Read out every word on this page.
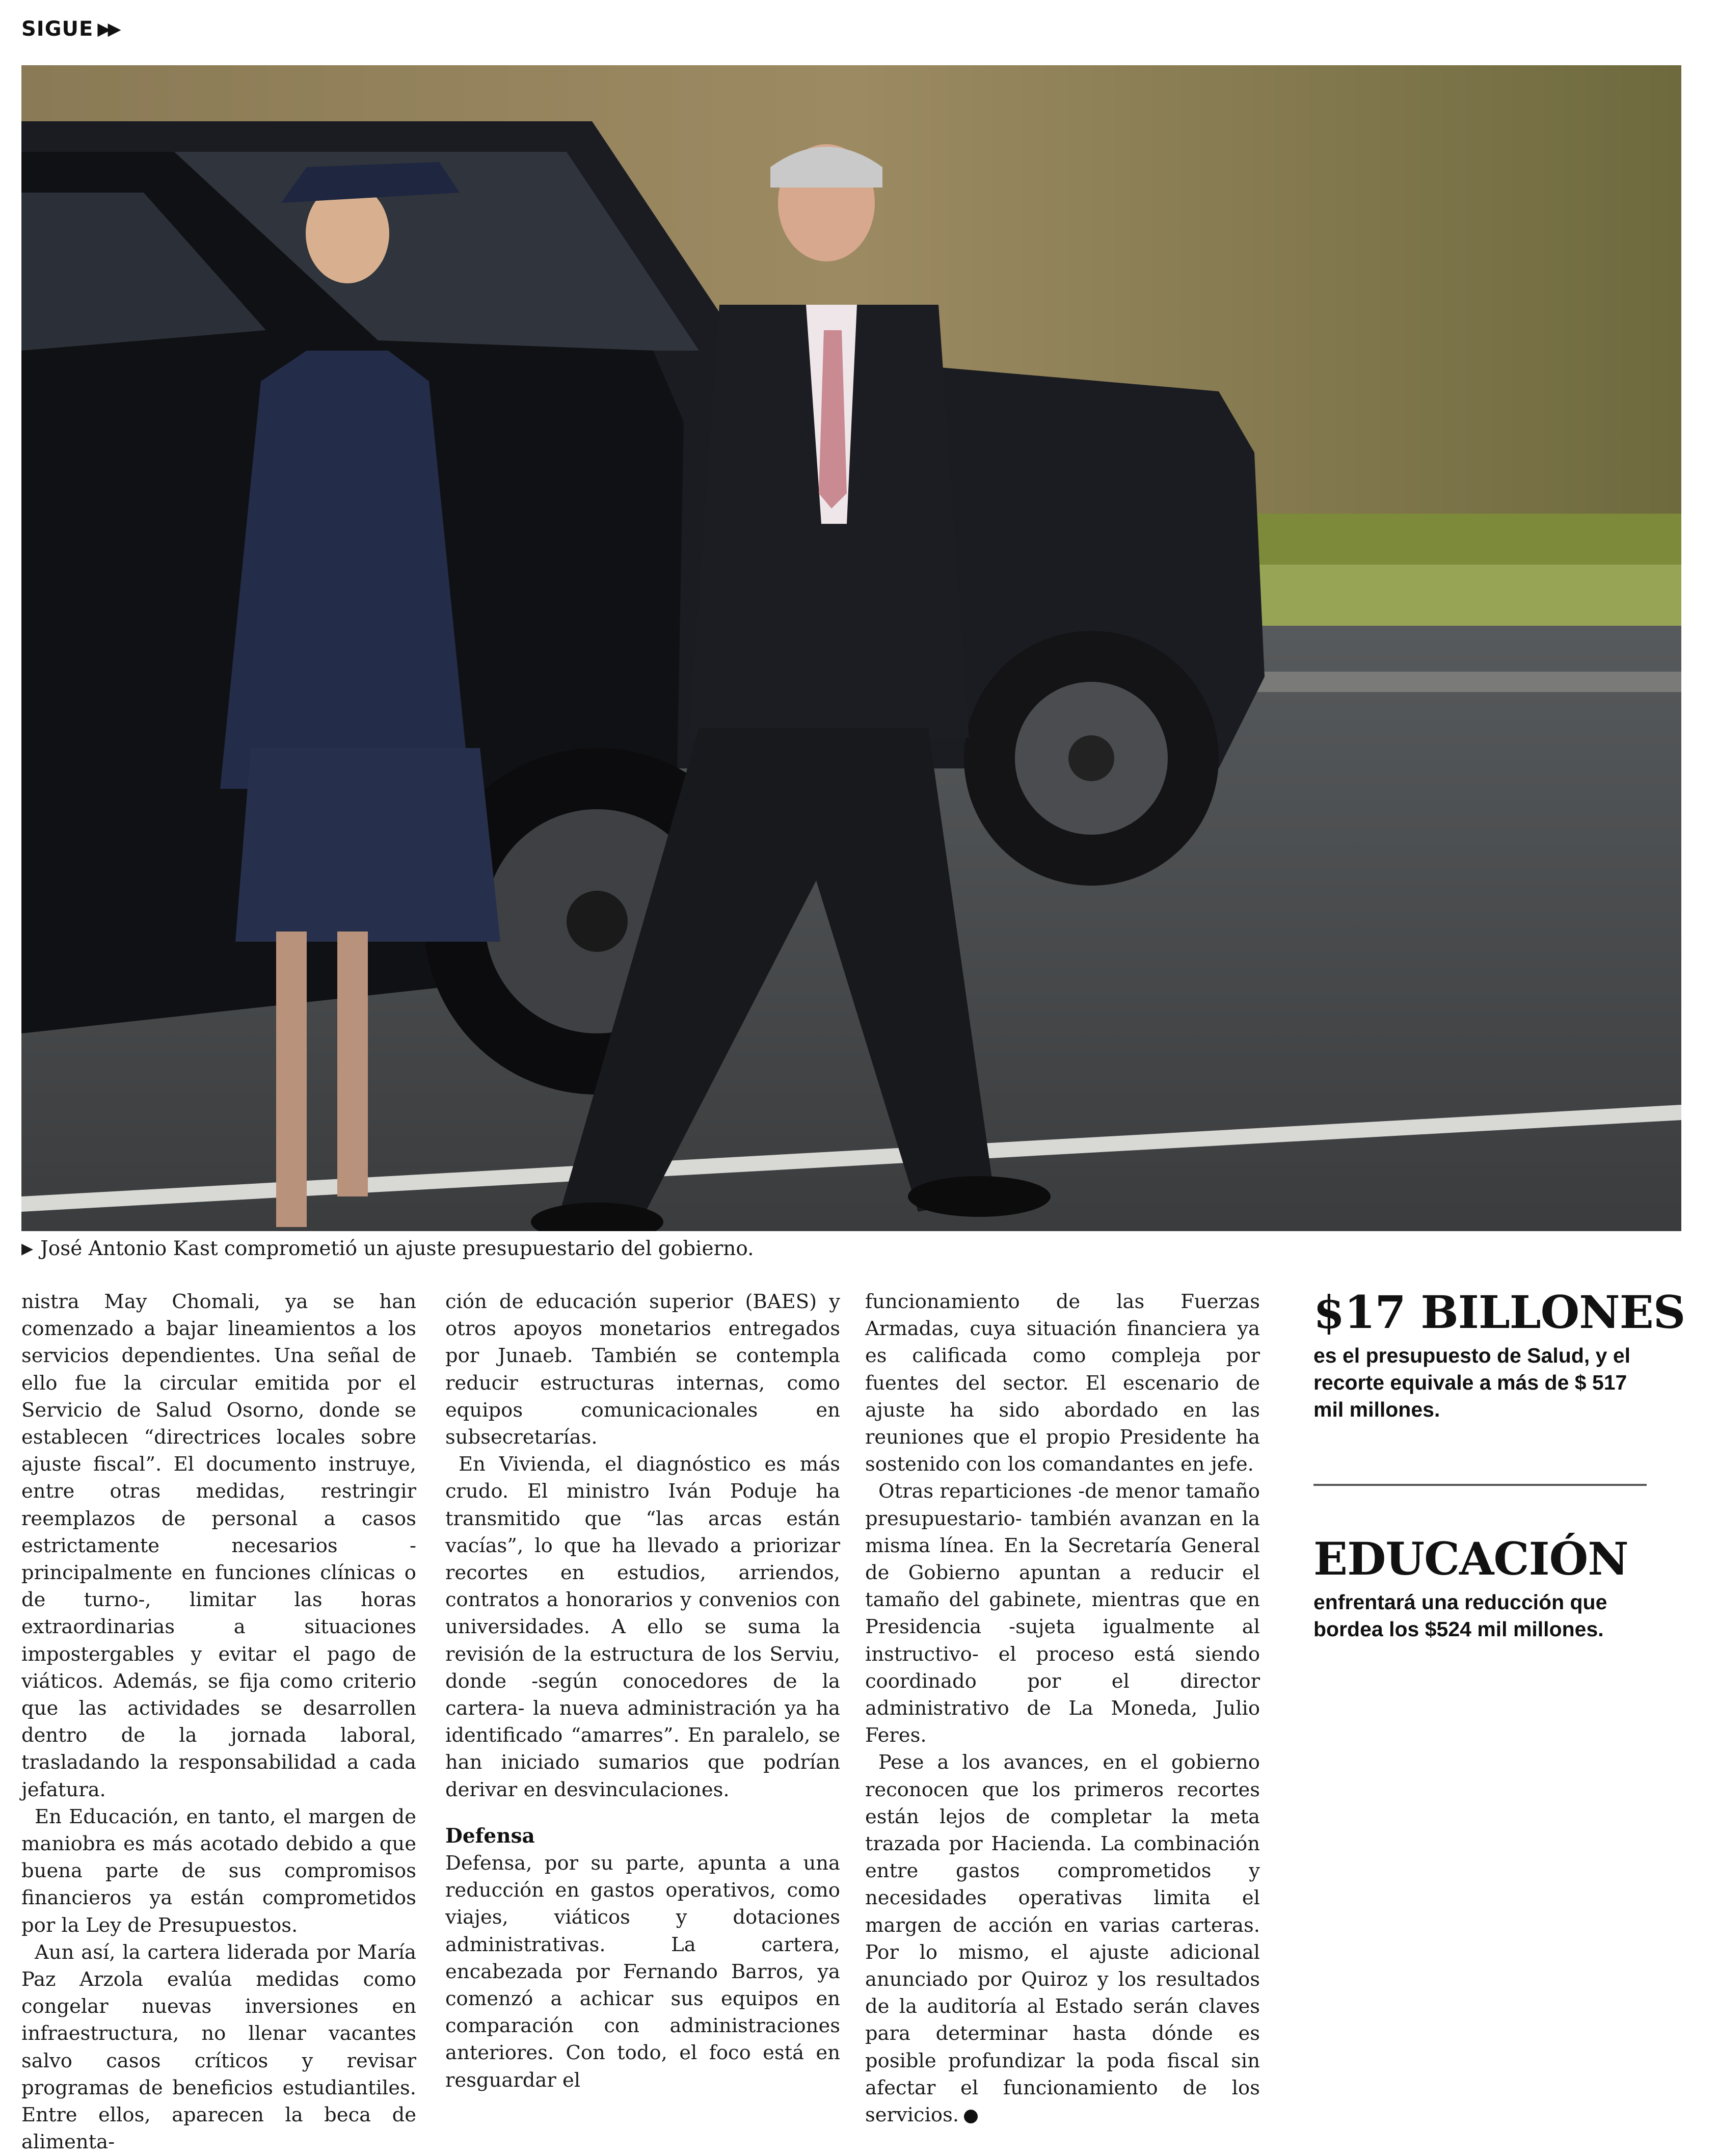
SIGUE ▶▶
▶ José Antonio Kast comprometió un ajuste presupuestario del gobierno.

nistra May Chomali, ya se han comenzado a bajar lineamientos a los servicios dependientes. Una señal de ello fue la circular emitida por el Servicio de Salud Osorno, donde se establecen “directrices locales sobre ajuste fiscal”. El documento instruye, entre otras medidas, restringir reemplazos de personal a casos estrictamente necesarios -principalmente en funciones clínicas o de turno-, limitar las horas extraordinarias a situaciones impostergables y evitar el pago de viáticos. Además, se fija como criterio que las actividades se desarrollen dentro de la jornada laboral, trasladando la responsabilidad a cada jefatura.

En Educación, en tanto, el margen de maniobra es más acotado debido a que buena parte de sus compromisos financieros ya están comprometidos por la Ley de Presupuestos.

Aun así, la cartera liderada por María Paz Arzola evalúa medidas como congelar nuevas inversiones en infraestructura, no llenar vacantes salvo casos críticos y revisar programas de beneficios estudiantiles. Entre ellos, aparecen la beca de alimenta-

ción de educación superior (BAES) y otros apoyos monetarios entregados por Junaeb. También se contempla reducir estructuras internas, como equipos comunicacionales en subsecretarías.

En Vivienda, el diagnóstico es más crudo. El ministro Iván Poduje ha transmitido que “las arcas están vacías”, lo que ha llevado a priorizar recortes en estudios, arriendos, contratos a honorarios y convenios con universidades. A ello se suma la revisión de la estructura de los Serviu, donde -según conocedores de la cartera- la nueva administración ya ha identificado “amarres”. En paralelo, se han iniciado sumarios que podrían derivar en desvinculaciones.

Defensa

Defensa, por su parte, apunta a una reducción en gastos operativos, como viajes, viáticos y dotaciones administrativas. La cartera, encabezada por Fernando Barros, ya comenzó a achicar sus equipos en comparación con administraciones anteriores. Con todo, el foco está en resguardar el

funcionamiento de las Fuerzas Armadas, cuya situación financiera ya es calificada como compleja por fuentes del sector. El escenario de ajuste ha sido abordado en las reuniones que el propio Presidente ha sostenido con los comandantes en jefe.

Otras reparticiones -de menor tamaño presupuestario- también avanzan en la misma línea. En la Secretaría General de Gobierno apuntan a reducir el tamaño del gabinete, mientras que en Presidencia -sujeta igualmente al instructivo- el proceso está siendo coordinado por el director administrativo de La Moneda, Julio Feres.

Pese a los avances, en el gobierno reconocen que los primeros recortes están lejos de completar la meta trazada por Hacienda. La combinación entre gastos comprometidos y necesidades operativas limita el margen de acción en varias carteras. Por lo mismo, el ajuste adicional anunciado por Quiroz y los resultados de la auditoría al Estado serán claves para determinar hasta dónde es posible profundizar la poda fiscal sin afectar el funcionamiento de los servicios.

$17 BILLONES
es el presupuesto de Salud, y el recorte equivale a más de $ 517 mil millones.
EDUCACIÓN
enfrentará una reducción que bordea los $524 mil millones.
